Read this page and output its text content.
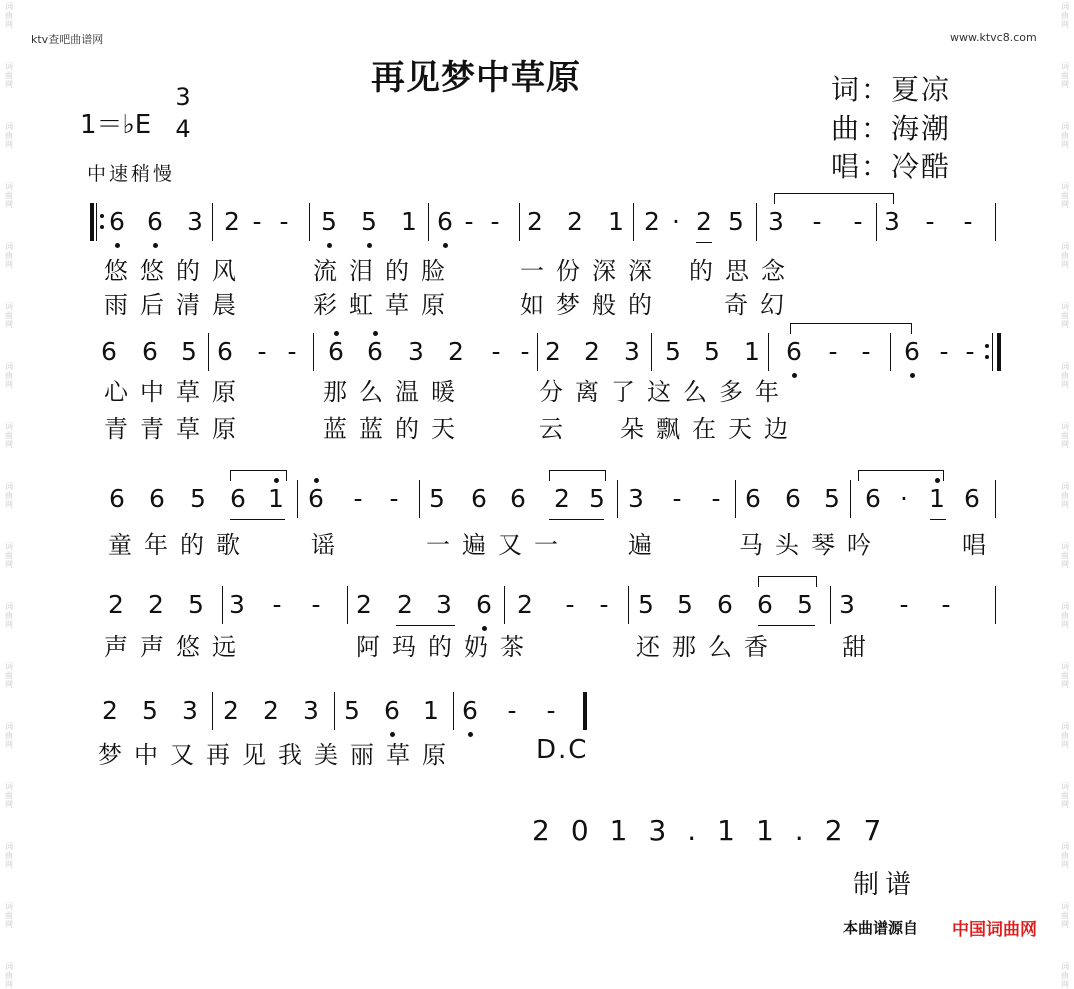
词曲网
词曲网
词曲网
词曲网
词曲网
词曲网
词曲网
词曲网
词曲网
词曲网
词曲网
词曲网
词曲网
词曲网
词曲网
词曲网
词曲网
词曲网
词曲网
词曲网
词曲网
词曲网
词曲网
词曲网
词曲网
词曲网
词曲网
词曲网
词曲网
词曲网
词曲网
词曲网
词曲网
词曲网
ktv查吧曲谱网	www.ktvc8.com
再见梦中草原	词：夏凉
曲：海潮
唱：冷酷
1＝♭E
3
4
中速稍慢
6 6 3 2 - - 5 5 1 6 - - 2 2 1 2 · 2 5 3 - - 3 - -
6 6 5 6 - - 6 6 3 2 - - 2 2 3 5 5 1 6 - - 6 - -
6 6 5 6 1 6 - - 5 6 6 2 5 3 - - 6 6 5 6 · 1 6
2 2 5 3 - - 2 2 3 6 2 - - 5 5 6 6 5 3 - -
2 5 3 2 2 3 5 6 1 6 - -
悠悠的风	流泪的脸	一份深深 的思念
雨后清晨	彩虹草原	如梦般的	奇幻
心中草原	那么温暖	分离了这么多年
青青草原	蓝蓝的天	云 朵飘在天边
童年的歌 谣	一遍又一 遍	马头琴吟	唱
声声悠远	阿玛的奶茶	还那么香	甜
梦中又再见我美丽草原	D.C
2013.11.27
制谱
本曲谱源自 中国词曲网
